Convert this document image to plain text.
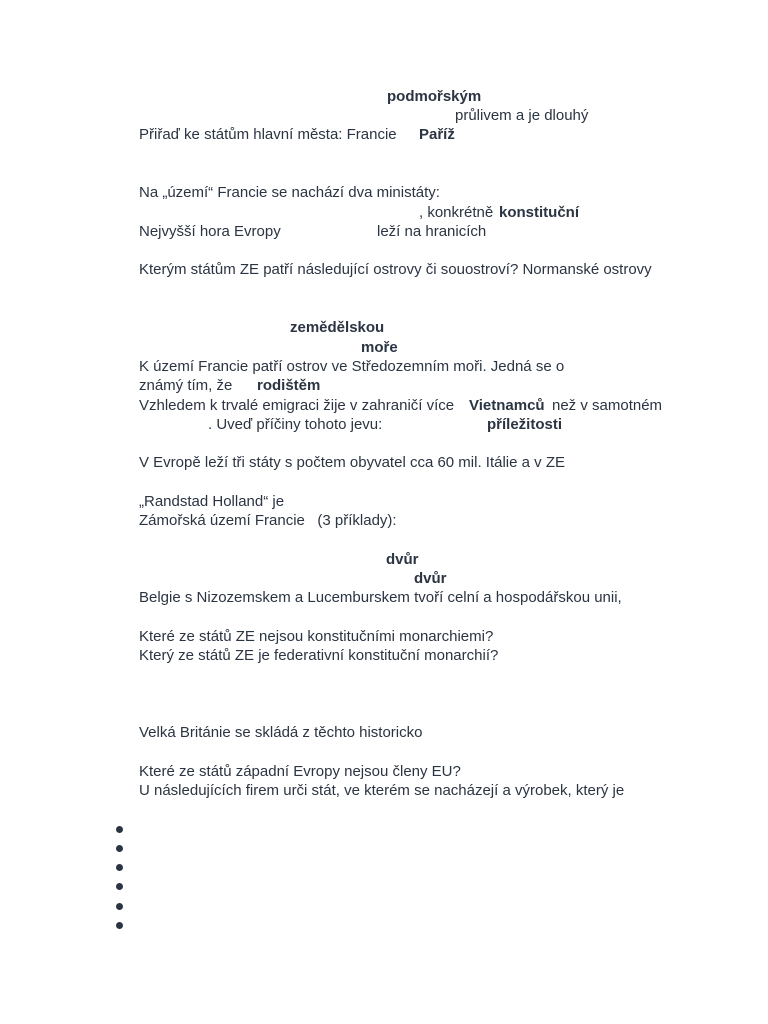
podmořským
průlivem a je dlouhý
Přiřaď ke státům hlavní města: Francie Paříž
Na „území“ Francie se nachází dva ministáty:
, konkrétně konstituční
Nejvyšší hora Evropy	leží na hranicích
Kterým státům ZE patří následující ostrovy či souostroví? Normanské ostrovy
zemědělskou
moře
K území Francie patří ostrov ve Středozemním moři. Jedná se o
známý tím, že rodištěm
Vzhledem k trvalé emigraci žije v zahraničí více Vietnamců než v samotném
. Uveď příčiny tohoto jevu:	příležitosti
V Evropě leží tři státy s počtem obyvatel cca 60 mil. Itálie a v ZE
„Randstad Holland“ je
Zámořská území Francie   (3 příklady):
dvůr
dvůr
Belgie s Nizozemskem a Lucemburskem tvoří celní a hospodářskou unii,
Které ze států ZE nejsou konstitučními monarchiemi?
Který ze států ZE je federativní konstituční monarchií?
Velká Británie se skládá z těchto historicko
Které ze států západní Evropy nejsou členy EU?
U následujících firem urči stát, ve kterém se nacházejí a výrobek, který je
